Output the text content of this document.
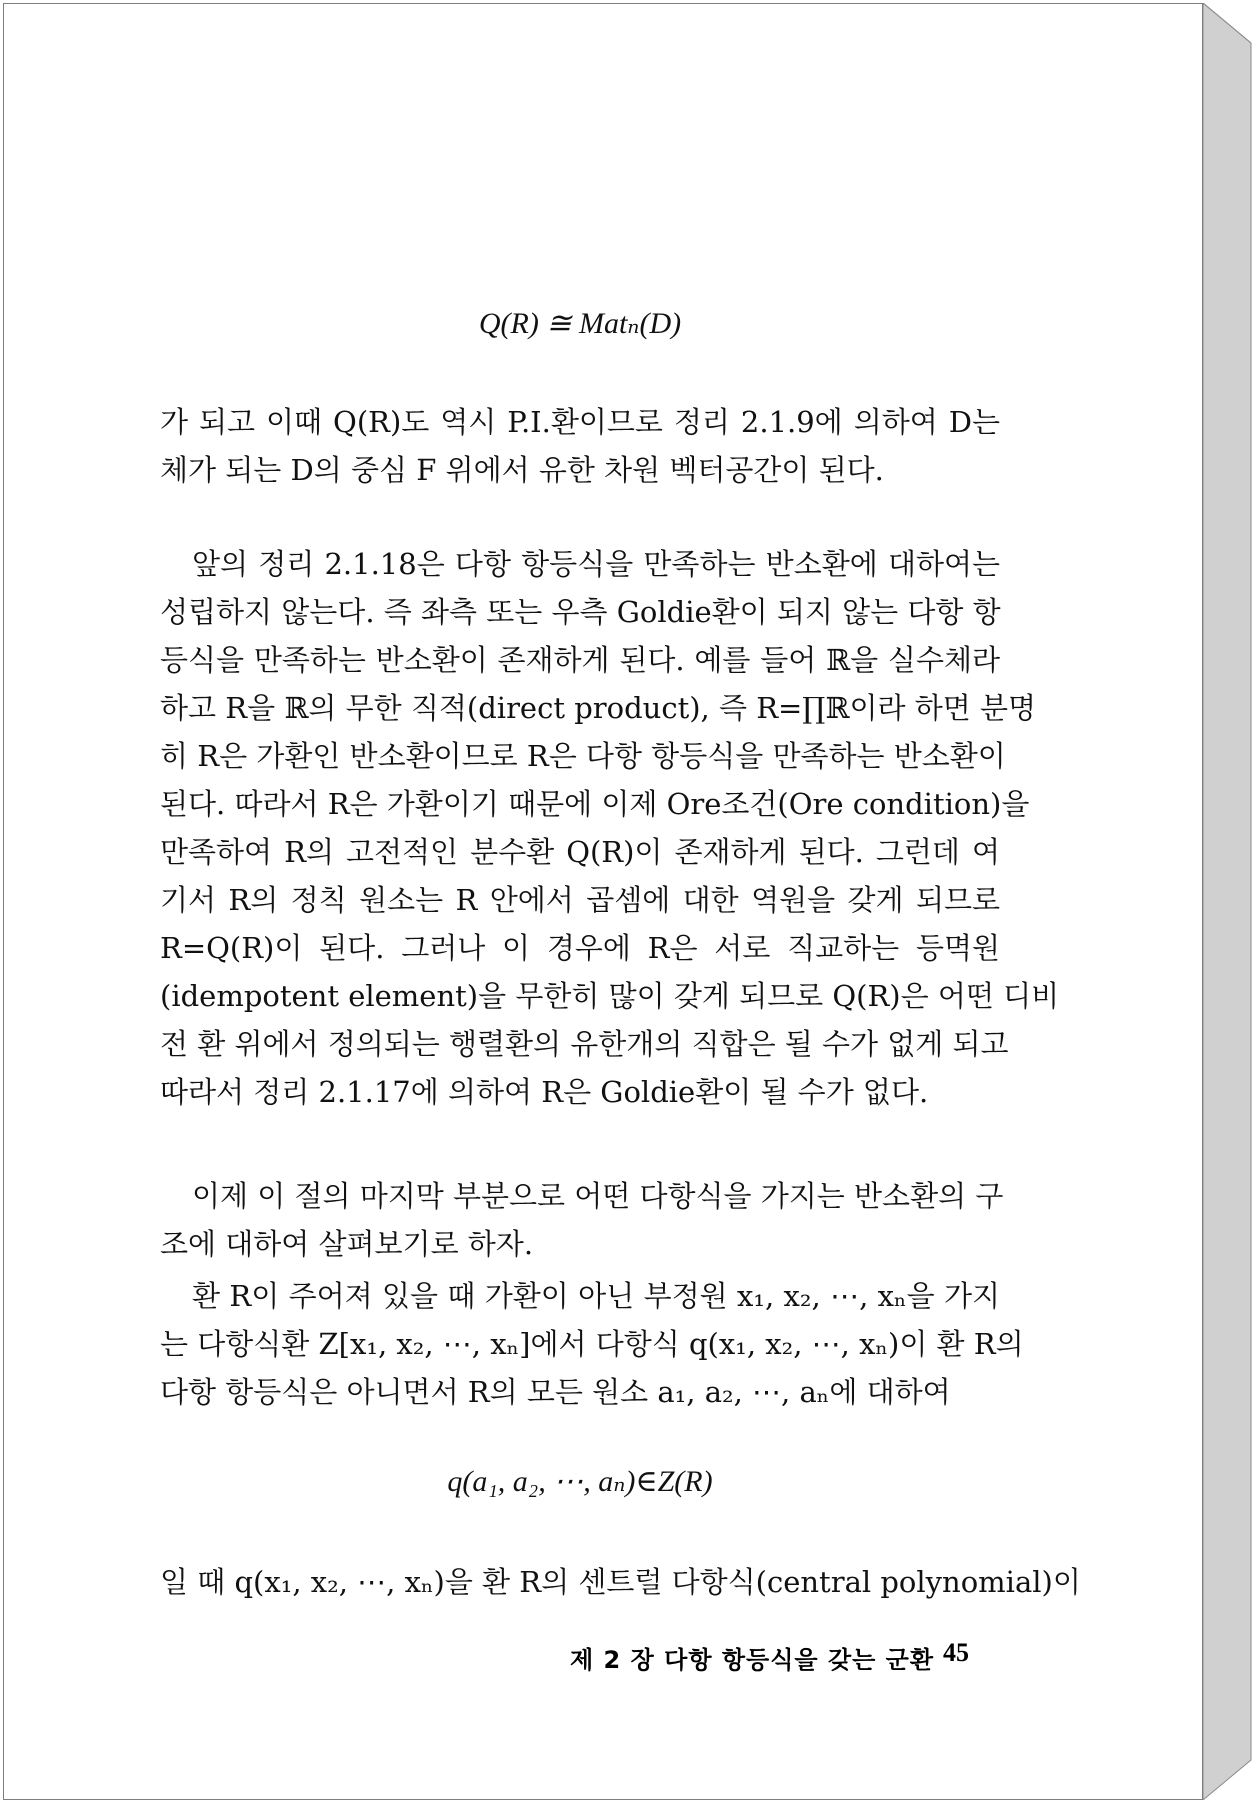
Q(R) ≅ Matₙ(D)
가 되고 이때 Q(R)도 역시 P.I.환이므로 정리 2.1.9에 의하여 D는
체가 되는 D의 중심 F 위에서 유한 차원 벡터공간이 된다.
앞의 정리 2.1.18은 다항 항등식을 만족하는 반소환에 대하여는
성립하지 않는다. 즉 좌측 또는 우측 Goldie환이 되지 않는 다항 항
등식을 만족하는 반소환이 존재하게 된다. 예를 들어 ℝ을 실수체라
하고 R을 ℝ의 무한 직적(direct product), 즉 R=∏ℝ이라 하면 분명
히 R은 가환인 반소환이므로 R은 다항 항등식을 만족하는 반소환이
된다. 따라서 R은 가환이기 때문에 이제 Ore조건(Ore condition)을
만족하여 R의 고전적인 분수환 Q(R)이 존재하게 된다. 그런데 여
기서 R의 정칙 원소는 R 안에서 곱셈에 대한 역원을 갖게 되므로
R=Q(R)이 된다. 그러나 이 경우에 R은 서로 직교하는 등멱원
(idempotent element)을 무한히 많이 갖게 되므로 Q(R)은 어떤 디비
전 환 위에서 정의되는 행렬환의 유한개의 직합은 될 수가 없게 되고
따라서 정리 2.1.17에 의하여 R은 Goldie환이 될 수가 없다.
이제 이 절의 마지막 부분으로 어떤 다항식을 가지는 반소환의 구
조에 대하여 살펴보기로 하자.
환 R이 주어져 있을 때 가환이 아닌 부정원 x₁, x₂, ⋯, xₙ을 가지
는 다항식환 Z[x₁, x₂, ⋯, xₙ]에서 다항식 q(x₁, x₂, ⋯, xₙ)이 환 R의
다항 항등식은 아니면서 R의 모든 원소 a₁, a₂, ⋯, aₙ에 대하여
q(a₁, a₂, ⋯, aₙ)∈Z(R)
일 때 q(x₁, x₂, ⋯, xₙ)을 환 R의 센트럴 다항식(central polynomial)이
제 2 장 다항 항등식을 갖는 군환 45
